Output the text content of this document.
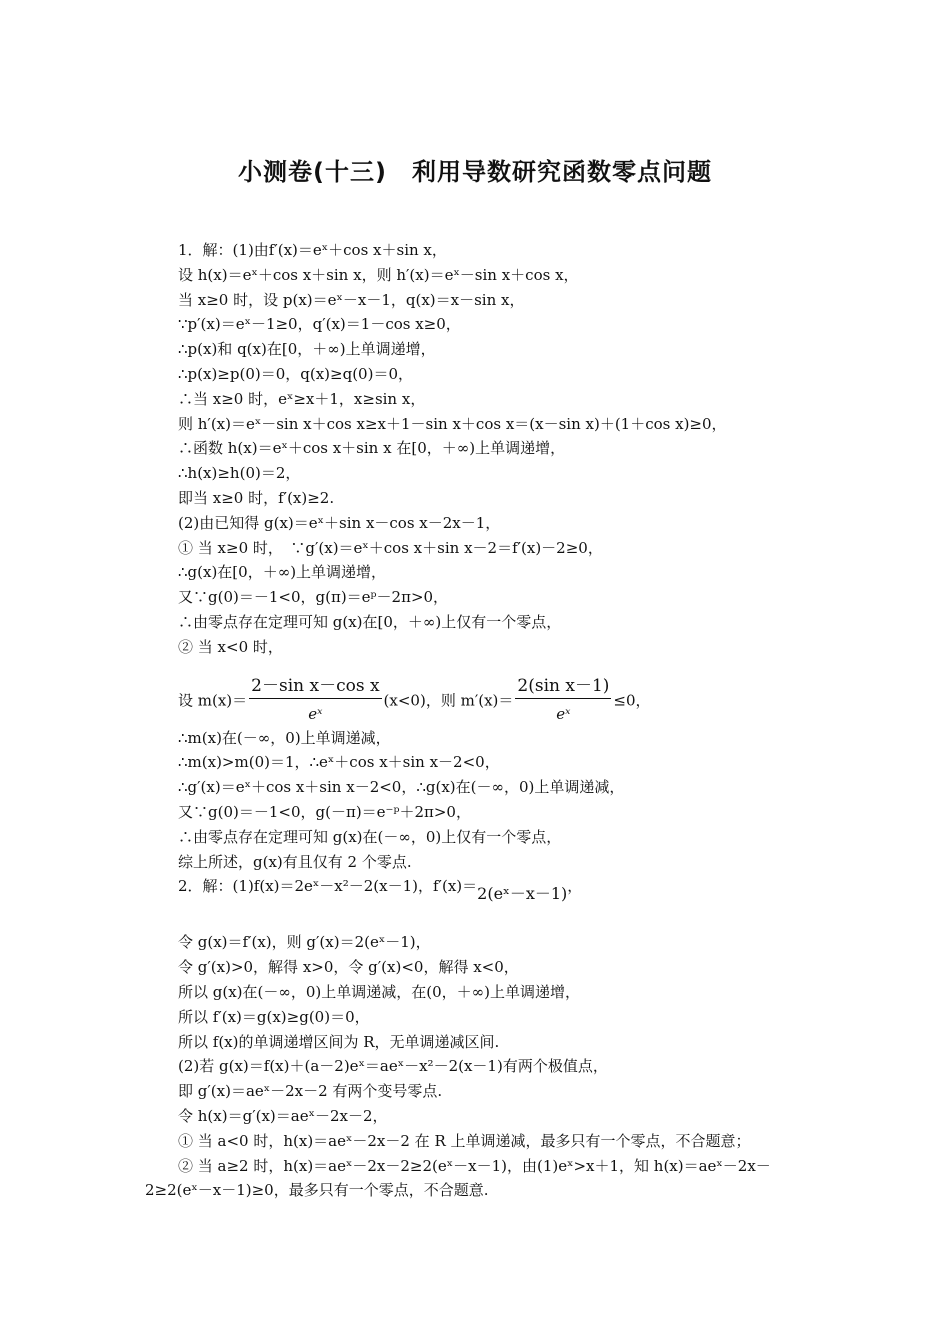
小测卷(十三)　利用导数研究函数零点问题
1．解：(1)由f′(x)＝eˣ＋cos x＋sin x，
设 h(x)＝eˣ＋cos x＋sin x，则 h′(x)＝eˣ－sin x＋cos x，
当 x≥0 时，设 p(x)＝eˣ－x－1，q(x)＝x－sin x，
∵p′(x)＝eˣ－1≥0，q′(x)＝1－cos x≥0，
∴p(x)和 q(x)在[0，＋∞)上单调递增，
∴p(x)≥p(0)＝0，q(x)≥q(0)＝0，
∴当 x≥0 时，eˣ≥x＋1，x≥sin x，
则 h′(x)＝eˣ－sin x＋cos x≥x＋1－sin x＋cos x＝(x－sin x)＋(1＋cos x)≥0，
∴函数 h(x)＝eˣ＋cos x＋sin x 在[0，＋∞)上单调递增，
∴h(x)≥h(0)＝2，
即当 x≥0 时，f′(x)≥2.
(2)由已知得 g(x)＝eˣ＋sin x－cos x－2x－1，
① 当 x≥0 时，　∵g′(x)＝eˣ＋cos x＋sin x－2＝f′(x)－2≥0，
∴g(x)在[0，＋∞)上单调递增，
又∵g(0)＝－1<0，g(π)＝eᵖ－2π>0，
∴由零点存在定理可知 g(x)在[0，＋∞)上仅有一个零点，
② 当 x<0 时，
设 $m(x)= \frac{\text{2－sin x－cos x}}{\text{eˣ}} (x<0)$，则 $m'(x)= \frac{\text{2(sin x－1)}}{\text{eˣ}} \le 0$，
∴m(x)在(－∞，0)上单调递减，
∴m(x)>m(0)＝1，∴eˣ＋cos x＋sin x－2<0，
∴g′(x)＝eˣ＋cos x＋sin x－2<0，∴g(x)在(－∞，0)上单调递减，
又∵g(0)＝－1<0，g(－π)＝e⁻ᵖ＋2π>0，
∴由零点存在定理可知 g(x)在(－∞，0)上仅有一个零点，
综上所述，g(x)有且仅有 2 个零点.
2．解：(1)f(x)＝2eˣ－x²－2(x－1)，f′(x)＝2(eˣ－x－1)，
令 g(x)＝f′(x)，则 g′(x)＝2(eˣ－1)，
令 g′(x)>0，解得 x>0，令 g′(x)<0，解得 x<0，
所以 g(x)在(－∞，0)上单调递减，在(0，＋∞)上单调递增，
所以 f′(x)＝g(x)≥g(0)＝0，
所以 f(x)的单调递增区间为 R，无单调递减区间.
(2)若 g(x)＝f(x)＋(a－2)eˣ＝aeˣ－x²－2(x－1)有两个极值点，
即 g′(x)＝aeˣ－2x－2 有两个变号零点.
令 h(x)＝g′(x)＝aeˣ－2x－2，
① 当 a<0 时，h(x)＝aeˣ－2x－2 在 R 上单调递减，最多只有一个零点，不合题意；
② 当 a≥2 时，h(x)＝aeˣ－2x－2≥2(eˣ－x－1)，由(1)eˣ>x＋1，知 h(x)＝aeˣ－2x－2≥2(eˣ－x－1)≥0，最多只有一个零点，不合题意.
